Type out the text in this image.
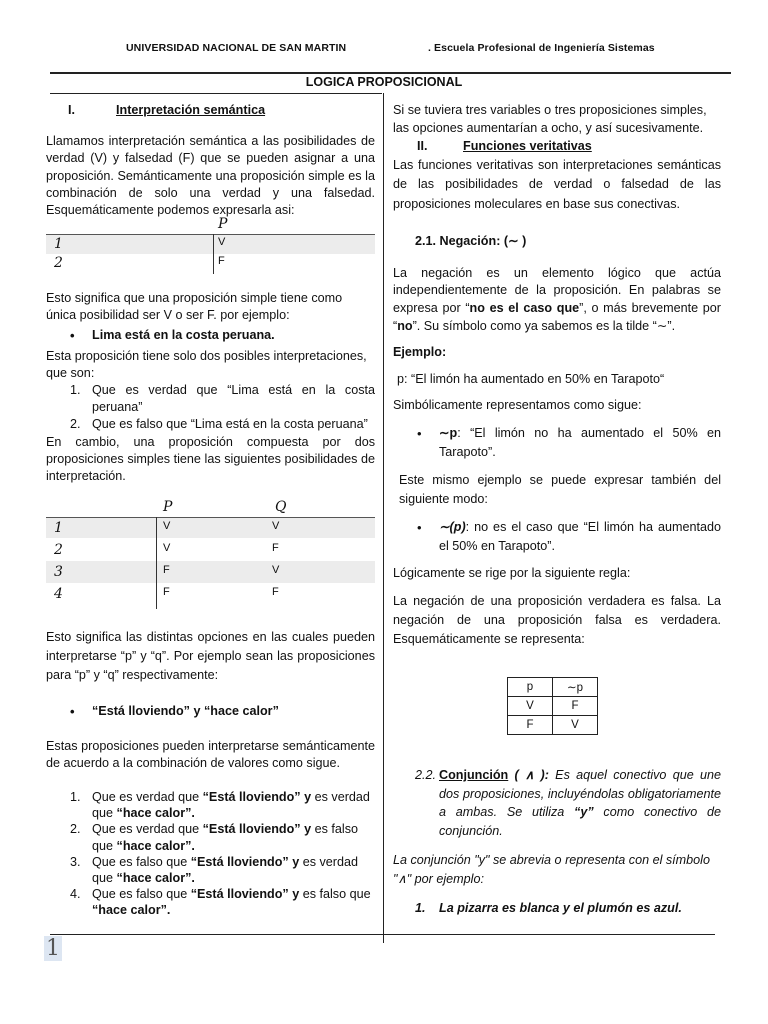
UNIVERSIDAD NACIONAL DE SAN MARTIN	. Escuela Profesional de Ingeniería Sistemas
LOGICA PROPOSICIONAL

I.	Interpretación semántica

Llamamos interpretación semántica a las posibilidades de verdad (V) y falsedad (F) que se pueden asignar a una proposición. Semánticamente una proposición simple es la combinación de solo una verdad y una falsedad. Esquemáticamente podemos expresarla asi:

P
1	V
2	F

Esto significa que una proposición simple tiene como única posibilidad ser V o ser F. por ejemplo:

Lima está en la costa peruana.

Esta proposición tiene solo dos posibles interpretaciones, que son:

1. Que es verdad que “Lima está en la costa peruana”
2. Que es falso que “Lima está en la costa peruana”

En cambio, una proposición compuesta por dos proposiciones simples tiene las siguientes posibilidades de interpretación.

P	Q
1	V	V
2	V	F
3	F	V
4	F	F

Esto significa las distintas opciones en las cuales pueden interpretarse “p” y “q”. Por ejemplo sean las proposiciones para “p” y “q” respectivamente:

“Está lloviendo” y “hace calor”

Estas proposiciones pueden interpretarse semánticamente de acuerdo a la combinación de valores como sigue.

1. Que es verdad que “Está lloviendo” y es verdad que “hace calor”.
2. Que es verdad que “Está lloviendo” y es falso que “hace calor”.
3. Que es falso que “Está lloviendo” y es verdad que “hace calor”.
4. Que es falso que “Está lloviendo” y es falso que “hace calor”.

Si se tuviera tres variables o tres proposiciones simples, las opciones aumentarían a ocho, y así sucesivamente.

II.	Funciones veritativas

Las funciones veritativas son interpretaciones semánticas de las posibilidades de verdad o falsedad de las proposiciones moleculares en base sus conectivas.

2.1. Negación: (∼ )

La negación es un elemento lógico que actúa independientemente de la proposición. En palabras se expresa por “no es el caso que”, o más brevemente por “no”. Su símbolo como ya sabemos es la tilde “∼”.

Ejemplo:

p: “El limón ha aumentado en 50% en Tarapoto“

Simbólicamente representamos como sigue:

∼p: “El limón no ha aumentado el 50% en Tarapoto”.

Este mismo ejemplo se puede expresar también del siguiente modo:

∼(p): no es el caso que “El limón ha aumentado el 50% en Tarapoto”.

Lógicamente se rige por la siguiente regla:

La negación de una proposición verdadera es falsa. La negación de una proposición falsa es verdadera. Esquemáticamente se representa:

p	∼p
V	F
F	V
2.2. Conjunción ( ∧ ): Es aquel conectivo que une dos proposiciones, incluyéndolas obligatoriamente a ambas. Se utiliza “y” como conectivo de conjunción.

La conjunción "y" se abrevia o representa con el símbolo "∧" por ejemplo:

1. La pizarra es blanca y el plumón es azul.

1
